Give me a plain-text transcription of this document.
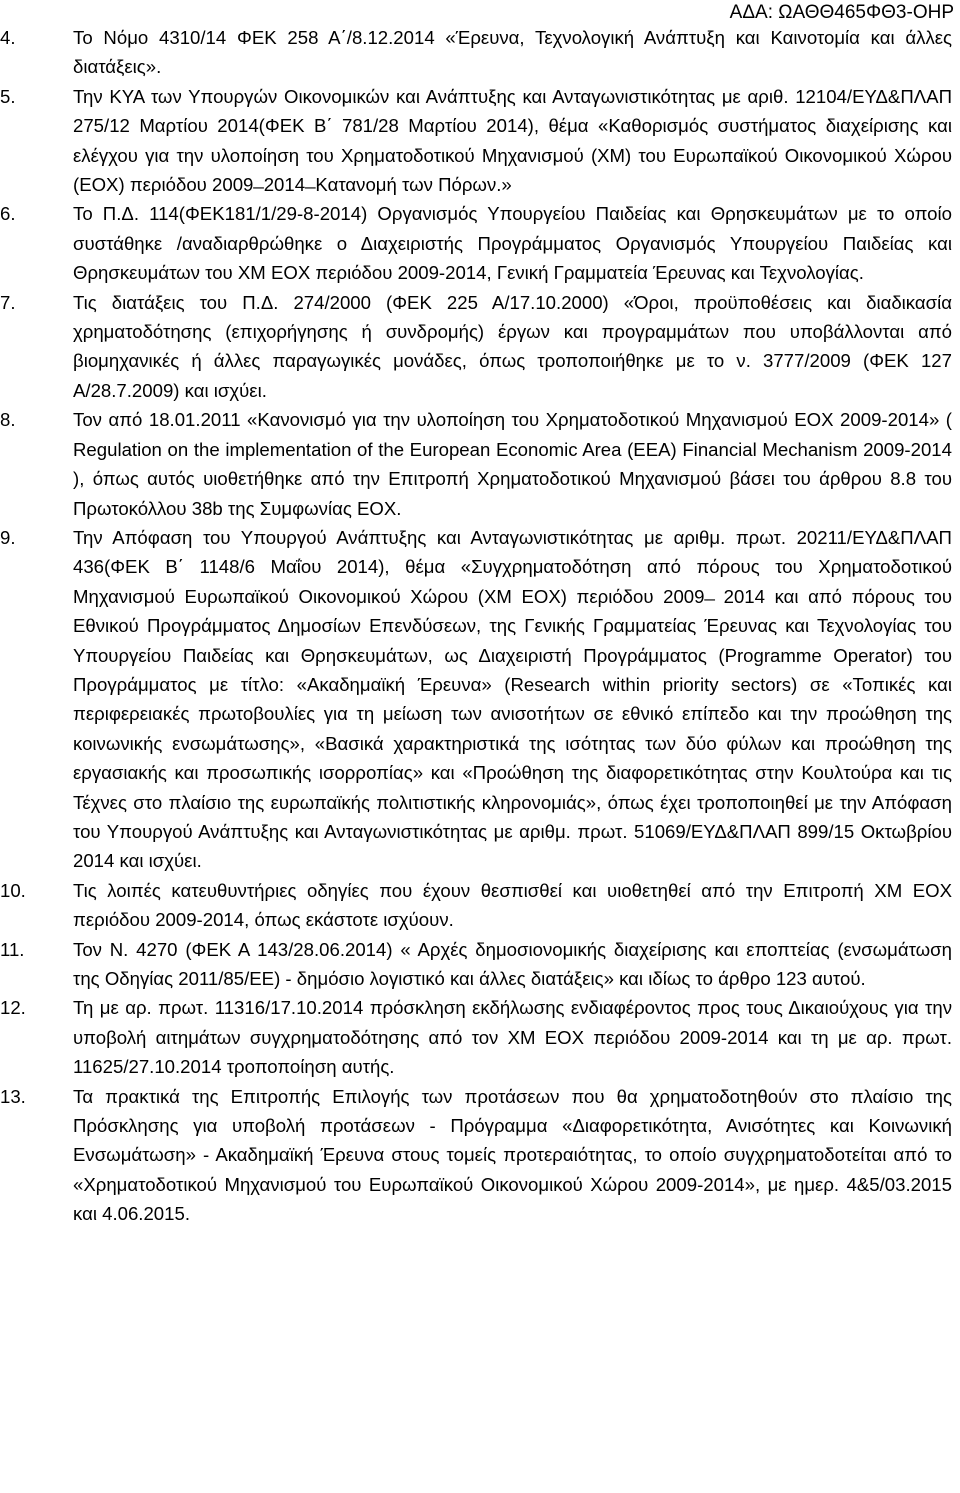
ΑΔΑ: ΩΑΘΘ465ΦΘ3-ΟΗΡ
4.	Το Νόμο 4310/14 ΦΕΚ 258 Α΄/8.12.2014 «Έρευνα, Τεχνολογική Ανάπτυξη και Καινοτομία και άλλες διατάξεις».
5.	Την ΚΥΑ των Υπουργών Οικονομικών και Ανάπτυξης και Ανταγωνιστικότητας με αριθ. 12104/ΕΥΔ&ΠΛΑΠ 275/12 Μαρτίου 2014(ΦΕΚ Β΄ 781/28 Μαρτίου 2014), θέμα «Καθορισμός συστήματος διαχείρισης και ελέγχου για την υλοποίηση του Χρηματοδοτικού Μηχανισμού (ΧΜ) του Ευρωπαϊκού Οικονομικού Χώρου (ΕΟΧ) περιόδου 2009 ̶ 2014 ̶ Κατανομή των Πόρων.»
6.	Το Π.Δ. 114(ΦΕΚ181/1/29-8-2014) Οργανισμός Υπουργείου Παιδείας και Θρησκευμάτων με το οποίο συστάθηκε /αναδιαρθρώθηκε ο Διαχειριστής Προγράμματος Οργανισμός Υπουργείου Παιδείας και Θρησκευμάτων του ΧΜ ΕΟΧ περιόδου 2009-2014, Γενική Γραμματεία Έρευνας και Τεχνολογίας.
7.	Τις διατάξεις του Π.Δ. 274/2000 (ΦΕΚ 225 Α/17.10.2000) «Όροι, προϋποθέσεις και διαδικασία χρηματοδότησης (επιχορήγησης ή συνδρομής) έργων και προγραμμάτων που υποβάλλονται από βιομηχανικές ή άλλες παραγωγικές μονάδες, όπως τροποποιήθηκε με το ν. 3777/2009 (ΦΕΚ 127 Α/28.7.2009) και ισχύει.
8.	Τον από 18.01.2011 «Κανονισμό για την υλοποίηση του Χρηματοδοτικού Μηχανισμού ΕΟΧ 2009-2014» ( Regulation on the implementation of the European Economic Area (EEA) Financial Mechanism 2009-2014 ), όπως αυτός υιοθετήθηκε από την Επιτροπή Χρηματοδοτικού Μηχανισμού βάσει του άρθρου 8.8 του Πρωτοκόλλου 38b της Συμφωνίας ΕΟΧ.
9.	Την Απόφαση του Υπουργού Ανάπτυξης και Ανταγωνιστικότητας με αριθμ. πρωτ. 20211/ΕΥΔ&ΠΛΑΠ 436(ΦΕΚ Β΄ 1148/6 Μαΐου 2014), θέμα «Συγχρηματοδότηση από πόρους του Χρηματοδοτικού Μηχανισμού Ευρωπαϊκού Οικονομικού Χώρου (ΧΜ ΕΟΧ) περιόδου 2009 ̶ 2014 και από πόρους του Εθνικού Προγράμματος Δημοσίων Επενδύσεων, της Γενικής Γραμματείας Έρευνας και Τεχνολογίας του Υπουργείου Παιδείας και Θρησκευμάτων, ως Διαχειριστή Προγράμματος (Programme Operator) του Προγράμματος με τίτλο: «Ακαδημαϊκή Έρευνα» (Research within priority sectors) σε «Τοπικές και περιφερειακές πρωτοβουλίες για τη μείωση των ανισοτήτων σε εθνικό επίπεδο και την προώθηση της κοινωνικής ενσωμάτωσης», «Βασικά χαρακτηριστικά της ισότητας των δύο φύλων και προώθηση της εργασιακής και προσωπικής ισορροπίας» και «Προώθηση της διαφορετικότητας στην Κουλτούρα και τις Τέχνες στο πλαίσιο της ευρωπαϊκής πολιτιστικής κληρονομιάς», όπως έχει τροποποιηθεί με την Απόφαση του Υπουργού Ανάπτυξης και Ανταγωνιστικότητας με αριθμ. πρωτ. 51069/ΕΥΔ&ΠΛΑΠ 899/15 Οκτωβρίου 2014 και ισχύει.
10.	Τις λοιπές κατευθυντήριες οδηγίες που έχουν θεσπισθεί και υιοθετηθεί από την Επιτροπή ΧΜ ΕΟΧ περιόδου 2009-2014, όπως εκάστοτε ισχύουν.
11.	Τον Ν. 4270 (ΦΕΚ Α 143/28.06.2014) « Αρχές δημοσιονομικής διαχείρισης και εποπτείας (ενσωμάτωση της Οδηγίας 2011/85/ΕΕ) - δημόσιο λογιστικό και άλλες διατάξεις» και ιδίως το άρθρο 123 αυτού.
12.	Τη με αρ. πρωτ. 11316/17.10.2014 πρόσκληση εκδήλωσης ενδιαφέροντος προς τους Δικαιούχους για την υποβολή αιτημάτων συγχρηματοδότησης από τον ΧΜ ΕΟΧ περιόδου 2009-2014 και τη με αρ. πρωτ. 11625/27.10.2014 τροποποίηση αυτής.
13.	Τα πρακτικά της Επιτροπής Επιλογής των προτάσεων που θα χρηματοδοτηθούν στο πλαίσιο της Πρόσκλησης για υποβολή προτάσεων - Πρόγραμμα «Διαφορετικότητα, Ανισότητες και Κοινωνική Ενσωμάτωση» - Ακαδημαϊκή Έρευνα στους τομείς προτεραιότητας, το οποίο συγχρηματοδοτείται από το «Χρηματοδοτικού Μηχανισμού του Ευρωπαϊκού Οικονομικού Χώρου 2009-2014», με ημερ. 4&5/03.2015 και 4.06.2015.
